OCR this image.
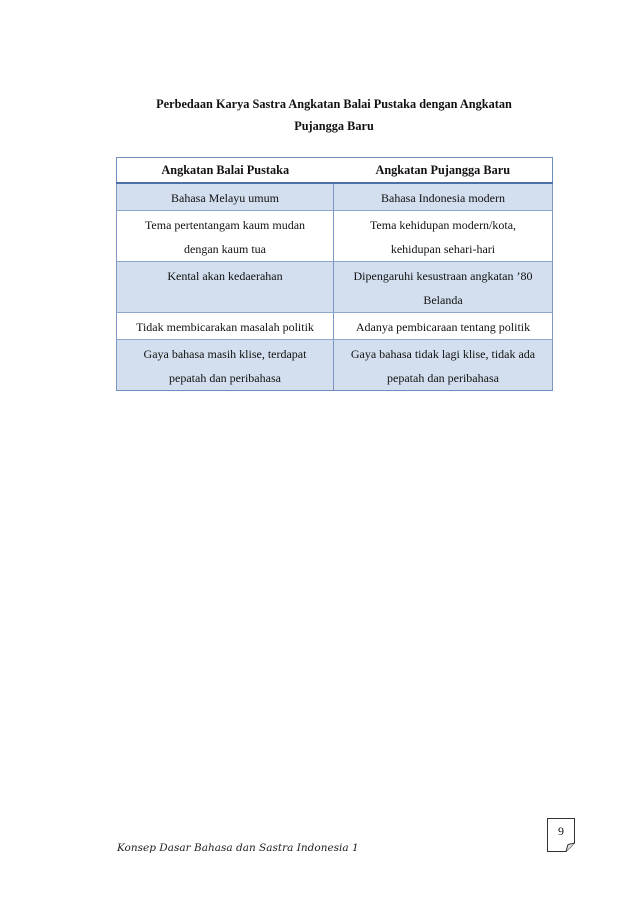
Perbedaan Karya Sastra Angkatan Balai Pustaka dengan Angkatan
Pujangga Baru
Angkatan Balai Pustaka	Angkatan Pujangga Baru
Bahasa Melayu umum	Bahasa Indonesia modern
Tema pertentangam kaum mudan dengan kaum tua	Tema kehidupan modern/kota, kehidupan sehari-hari
Kental akan kedaerahan	Dipengaruhi kesustraan angkatan ’80 Belanda
Tidak membicarakan masalah politik	Adanya pembicaraan tentang politik
Gaya bahasa masih klise, terdapat pepatah dan peribahasa	Gaya bahasa tidak lagi klise, tidak ada pepatah dan peribahasa
9
Konsep Dasar Bahasa dan Sastra Indonesia 1
